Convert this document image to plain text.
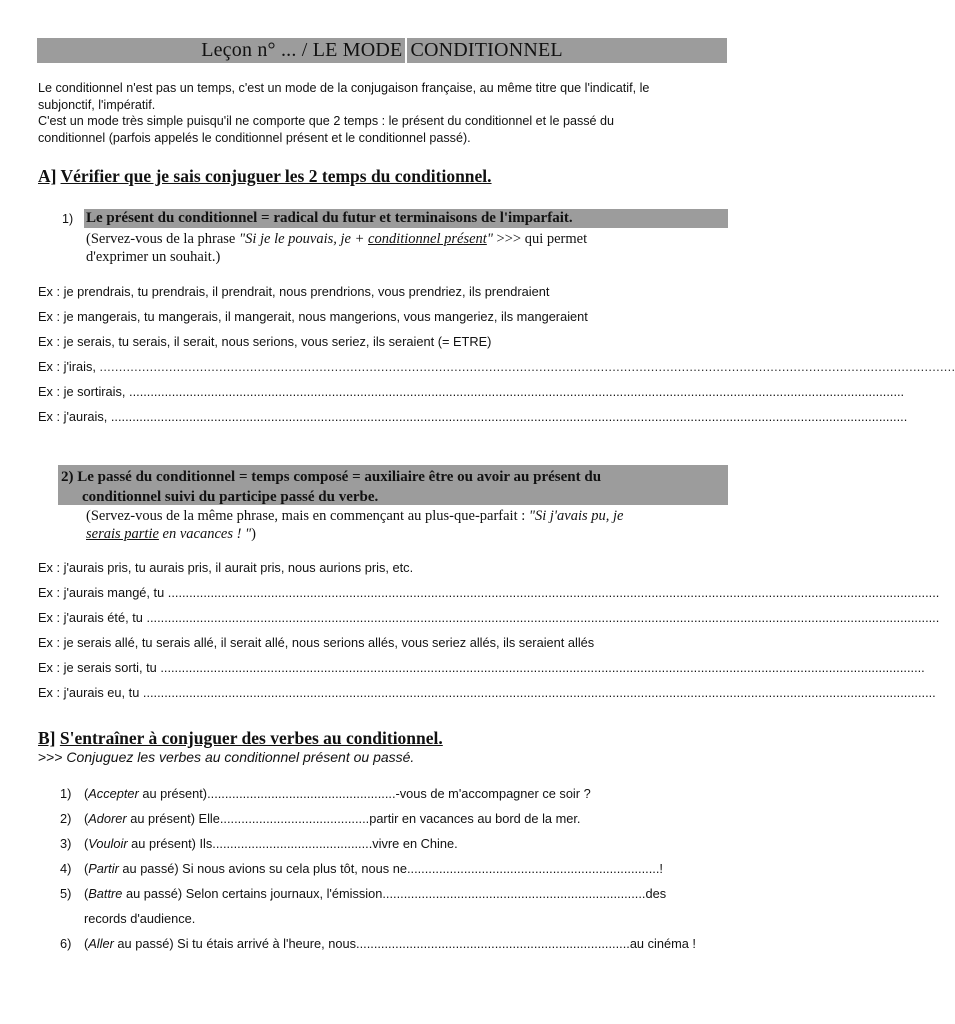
Leçon n° ... / LE MODE CONDITIONNEL
Le conditionnel n'est pas un temps, c'est un mode de la conjugaison française, au même titre que l'indicatif, le
subjonctif, l'impératif.
C'est un mode très simple puisqu'il ne comporte que 2 temps : le présent du conditionnel et le passé du
conditionnel (parfois appelés le conditionnel présent et le conditionnel passé).
A] Vérifier que je sais conjuguer les 2 temps du conditionnel.
1) Le présent du conditionnel = radical du futur et terminaisons de l'imparfait.
(Servez-vous de la phrase "Si je le pouvais, je + conditionnel présent" >>> qui permet
d'exprimer un souhait.)
Ex : je prendrais, tu prendrais, il prendrait, nous prendrions, vous prendriez, ils prendraient
Ex : je mangerais, tu mangerais, il mangerait, nous mangerions, vous mangeriez, ils mangeraient
Ex : je serais, tu serais, il serait, nous serions, vous seriez, ils seraient (= ETRE)
Ex : j'irais, ..............................................................................................................................................................................................................................
Ex : je sortirais, ..........................................................................................................................................................................................................................
Ex : j'aurais, ................................................................................................................................................................................................................................
2) Le passé du conditionnel = temps composé = auxiliaire être ou avoir au présent du
conditionnel suivi du participe passé du verbe.
(Servez-vous de la même phrase, mais en commençant au plus-que-parfait : "Si j'avais pu, je
serais partie en vacances ! ")
Ex : j'aurais pris, tu aurais pris, il aurait pris, nous aurions pris, etc.
Ex : j'aurais mangé, tu .........................................................................................................................................................................................................................
Ex : j'aurais été, tu ...............................................................................................................................................................................................................................
Ex : je serais allé, tu serais allé, il serait allé, nous serions allés, vous seriez allés, ils seraient allés
Ex : je serais sorti, tu .......................................................................................................................................................................................................................
Ex : j'aurais eu, tu ...............................................................................................................................................................................................................................
B] S'entraîner à conjuguer des verbes au conditionnel.
>>> Conjuguez les verbes au conditionnel présent ou passé.
1) (Accepter au présent).....................................................-vous de m'accompagner ce soir ?
2) (Adorer au présent) Elle..........................................partir en vacances au bord de la mer.
3) (Vouloir au présent) Ils.............................................vivre en Chine.
4) (Partir au passé) Si nous avions su cela plus tôt, nous ne.......................................................................!
5) (Battre au passé) Selon certains journaux, l'émission..........................................................................des
records d'audience.
6) (Aller au passé) Si tu étais arrivé à l'heure, nous.............................................................................au cinéma !
